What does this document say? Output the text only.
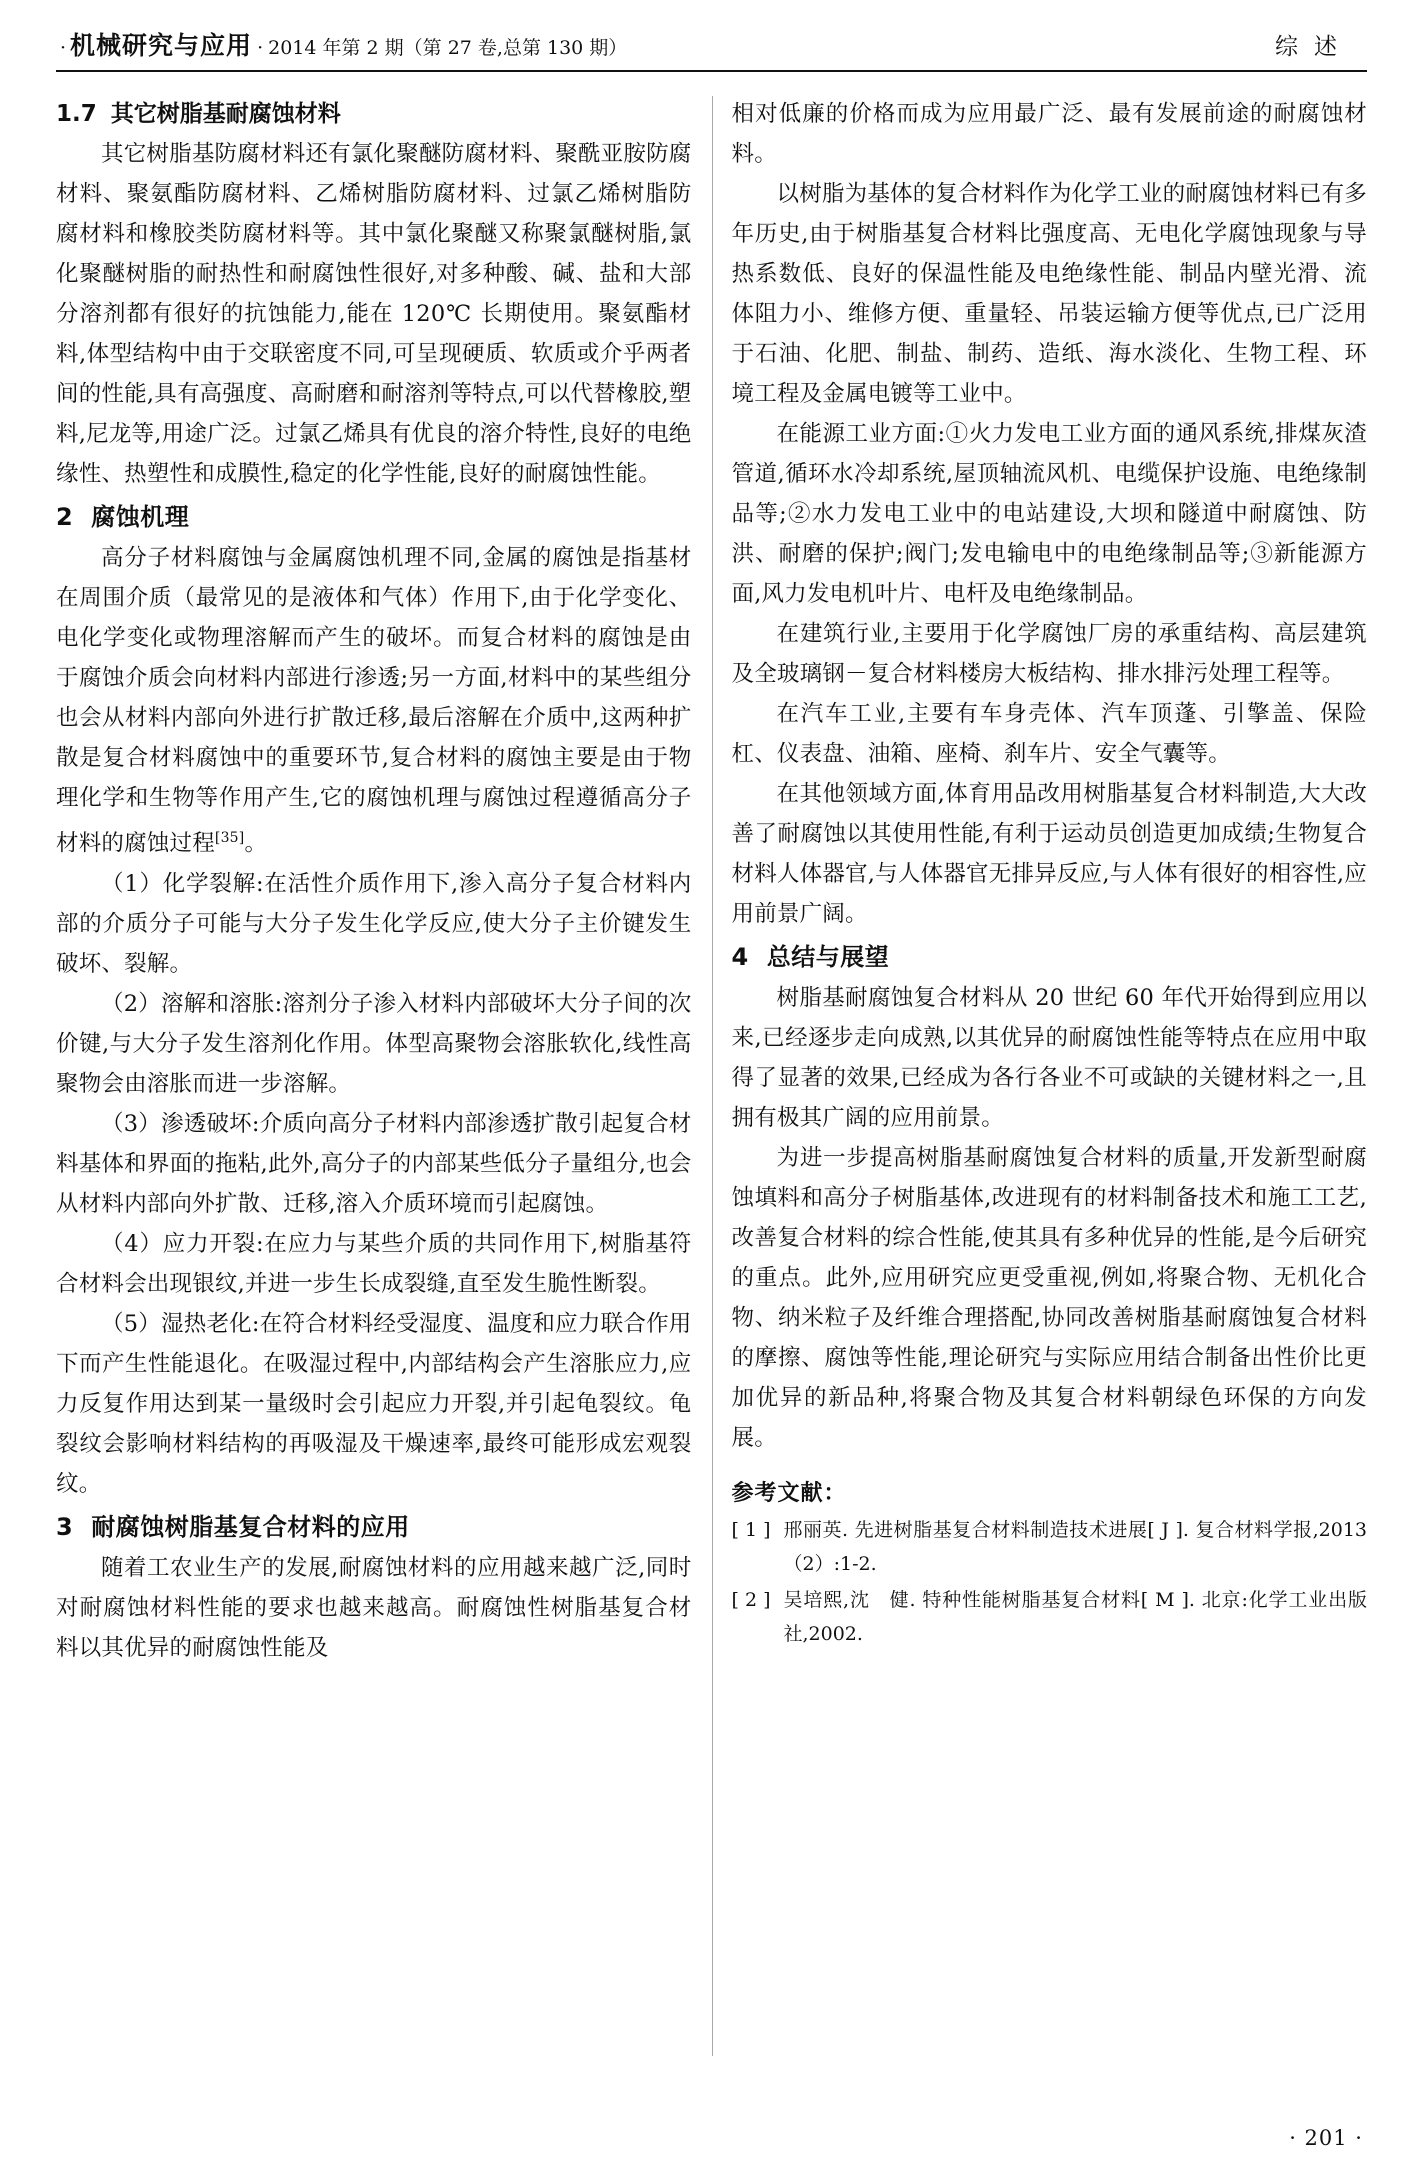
· 机械研究与应用 · 2014 年第 2 期（第 27 卷,总第 130 期）	综述
1.7 其它树脂基耐腐蚀材料

其它树脂基防腐材料还有氯化聚醚防腐材料、聚酰亚胺防腐材料、聚氨酯防腐材料、乙烯树脂防腐材料、过氯乙烯树脂防腐材料和橡胶类防腐材料等。其中氯化聚醚又称聚氯醚树脂,氯化聚醚树脂的耐热性和耐腐蚀性很好,对多种酸、碱、盐和大部分溶剂都有很好的抗蚀能力,能在 120℃ 长期使用。聚氨酯材料,体型结构中由于交联密度不同,可呈现硬质、软质或介乎两者间的性能,具有高强度、高耐磨和耐溶剂等特点,可以代替橡胶,塑料,尼龙等,用途广泛。过氯乙烯具有优良的溶介特性,良好的电绝缘性、热塑性和成膜性,稳定的化学性能,良好的耐腐蚀性能。

2 腐蚀机理

高分子材料腐蚀与金属腐蚀机理不同,金属的腐蚀是指基材在周围介质（最常见的是液体和气体）作用下,由于化学变化、电化学变化或物理溶解而产生的破坏。而复合材料的腐蚀是由于腐蚀介质会向材料内部进行渗透;另一方面,材料中的某些组分也会从材料内部向外进行扩散迁移,最后溶解在介质中,这两种扩散是复合材料腐蚀中的重要环节,复合材料的腐蚀主要是由于物理化学和生物等作用产生,它的腐蚀机理与腐蚀过程遵循高分子材料的腐蚀过程[35]。

（1）化学裂解:在活性介质作用下,渗入高分子复合材料内部的介质分子可能与大分子发生化学反应,使大分子主价键发生破坏、裂解。

（2）溶解和溶胀:溶剂分子渗入材料内部破坏大分子间的次价键,与大分子发生溶剂化作用。体型高聚物会溶胀软化,线性高聚物会由溶胀而进一步溶解。

（3）渗透破坏:介质向高分子材料内部渗透扩散引起复合材料基体和界面的拖粘,此外,高分子的内部某些低分子量组分,也会从材料内部向外扩散、迁移,溶入介质环境而引起腐蚀。

（4）应力开裂:在应力与某些介质的共同作用下,树脂基符合材料会出现银纹,并进一步生长成裂缝,直至发生脆性断裂。

（5）湿热老化:在符合材料经受湿度、温度和应力联合作用下而产生性能退化。在吸湿过程中,内部结构会产生溶胀应力,应力反复作用达到某一量级时会引起应力开裂,并引起龟裂纹。龟裂纹会影响材料结构的再吸湿及干燥速率,最终可能形成宏观裂纹。

3 耐腐蚀树脂基复合材料的应用

随着工农业生产的发展,耐腐蚀材料的应用越来越广泛,同时对耐腐蚀材料性能的要求也越来越高。耐腐蚀性树脂基复合材料以其优异的耐腐蚀性能及

相对低廉的价格而成为应用最广泛、最有发展前途的耐腐蚀材料。

以树脂为基体的复合材料作为化学工业的耐腐蚀材料已有多年历史,由于树脂基复合材料比强度高、无电化学腐蚀现象与导热系数低、良好的保温性能及电绝缘性能、制品内壁光滑、流体阻力小、维修方便、重量轻、吊装运输方便等优点,已广泛用于石油、化肥、制盐、制药、造纸、海水淡化、生物工程、环境工程及金属电镀等工业中。

在能源工业方面:①火力发电工业方面的通风系统,排煤灰渣管道,循环水冷却系统,屋顶轴流风机、电缆保护设施、电绝缘制品等;②水力发电工业中的电站建设,大坝和隧道中耐腐蚀、防洪、耐磨的保护;阀门;发电输电中的电绝缘制品等;③新能源方面,风力发电机叶片、电杆及电绝缘制品。

在建筑行业,主要用于化学腐蚀厂房的承重结构、高层建筑及全玻璃钢－复合材料楼房大板结构、排水排污处理工程等。

在汽车工业,主要有车身壳体、汽车顶蓬、引擎盖、保险杠、仪表盘、油箱、座椅、刹车片、安全气囊等。

在其他领域方面,体育用品改用树脂基复合材料制造,大大改善了耐腐蚀以其使用性能,有利于运动员创造更加成绩;生物复合材料人体器官,与人体器官无排异反应,与人体有很好的相容性,应用前景广阔。

4 总结与展望

树脂基耐腐蚀复合材料从 20 世纪 60 年代开始得到应用以来,已经逐步走向成熟,以其优异的耐腐蚀性能等特点在应用中取得了显著的效果,已经成为各行各业不可或缺的关键材料之一,且拥有极其广阔的应用前景。

为进一步提高树脂基耐腐蚀复合材料的质量,开发新型耐腐蚀填料和高分子树脂基体,改进现有的材料制备技术和施工工艺,改善复合材料的综合性能,使其具有多种优异的性能,是今后研究的重点。此外,应用研究应更受重视,例如,将聚合物、无机化合物、纳米粒子及纤维合理搭配,协同改善树脂基耐腐蚀复合材料的摩擦、腐蚀等性能,理论研究与实际应用结合制备出性价比更加优异的新品种,将聚合物及其复合材料朝绿色环保的方向发展。

参考文献：
[ 1 ] 邢丽英. 先进树脂基复合材料制造技术进展[ J ]. 复合材料学报,2013（2）:1-2.
[ 2 ] 吴培熙,沈　健. 特种性能树脂基复合材料[ M ]. 北京:化学工业出版社,2002.
· 201 ·
